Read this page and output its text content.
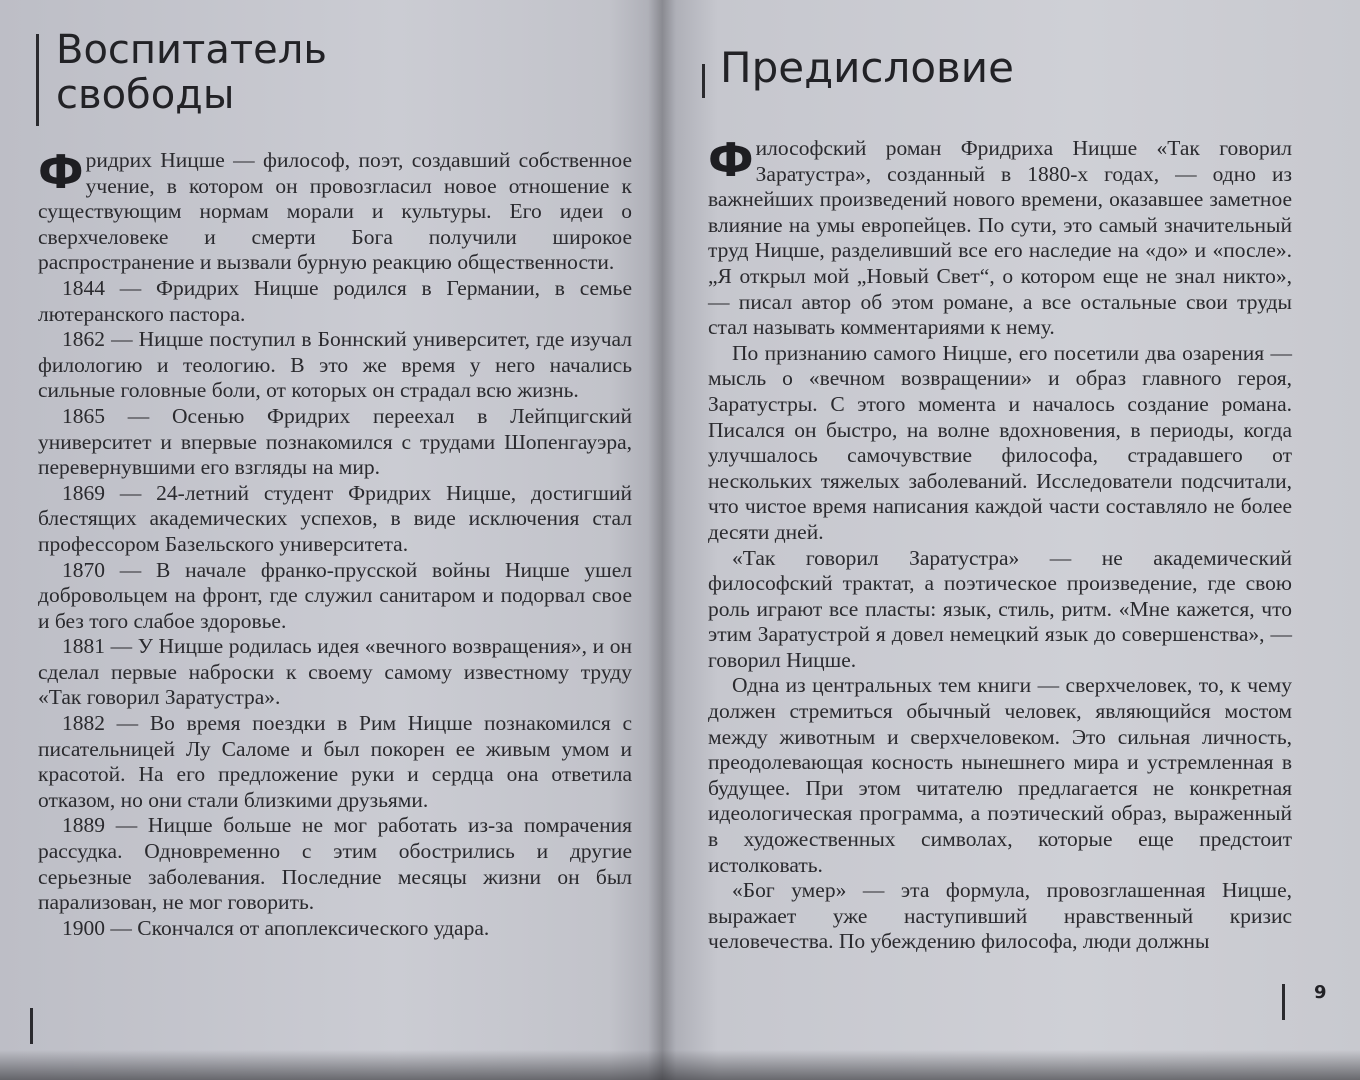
Фридрих Ницше — философ, поэт, создавший собственное учение, в котором он провозгласил новое отношение к существующим нормам морали и культуры. Его идеи о сверхчеловеке и смерти Бога получили широкое распространение и вызвали бурную реакцию общественности.

1844 — Фридрих Ницше родился в Германии, в семье лютеранского пастора.

1862 — Ницше поступил в Боннский университет, где изучал филологию и теологию. В это же время у него начались сильные головные боли, от которых он страдал всю жизнь.

1865 — Осенью Фридрих переехал в Лейпцигский университет и впервые познакомился с трудами Шопенгауэра, перевернувшими его взгляды на мир.

1869 — 24-летний студент Фридрих Ницше, достигший блестящих академических успехов, в виде исключения стал профессором Базельского университета.

1870 — В начале франко-прусской войны Ницше ушел добровольцем на фронт, где служил санитаром и подорвал свое и без того слабое здоровье.

1881 — У Ницше родилась идея «вечного возвращения», и он сделал первые наброски к своему самому известному труду «Так говорил Заратустра».

1882 — Во время поездки в Рим Ницше познакомился с писательницей Лу Саломе и был покорен ее живым умом и красотой. На его предложение руки и сердца она ответила отказом, но они стали близкими друзьями.

1889 — Ницше больше не мог работать из-за помрачения рассудка. Одновременно с этим обострились и другие серьезные заболевания. Последние месяцы жизни он был парализован, не мог говорить.

1900 — Скончался от апоплексического удара.

Философский роман Фридриха Ницше «Так говорил Заратустра», созданный в 1880-х годах, — одно из важнейших произведений нового времени, оказавшее заметное влияние на умы европейцев. По сути, это самый значительный труд Ницше, разделивший все его наследие на «до» и «после». „Я открыл мой „Новый Свет“, о котором еще не знал никто», — писал автор об этом романе, а все остальные свои труды стал называть комментариями к нему.

По признанию самого Ницше, его посетили два озарения — мысль о «вечном возвращении» и образ главного героя, Заратустры. С этого момента и началось создание романа. Писался он быстро, на волне вдохновения, в периоды, когда улучшалось самочувствие философа, страдавшего от нескольких тяжелых заболеваний. Исследователи подсчитали, что чистое время написания каждой части составляло не более десяти дней.

«Так говорил Заратустра» — не академический философский трактат, а поэтическое произведение, где свою роль играют все пласты: язык, стиль, ритм. «Мне кажется, что этим Заратустрой я довел немецкий язык до совершенства», — говорил Ницше.

Одна из центральных тем книги — сверхчеловек, то, к чему должен стремиться обычный человек, являющийся мостом между животным и сверхчеловеком. Это сильная личность, преодолевающая косность нынешнего мира и устремленная в будущее. При этом читателю предлагается не конкретная идеологическая программа, а поэтический образ, выраженный в художественных символах, которые еще предстоит истолковать.

«Бог умер» — эта формула, провозглашенная Ницше, выражает уже наступивший нравственный кризис человечества. По убеждению философа, люди должны

Воспитатель
свободы
Предисловие
9
